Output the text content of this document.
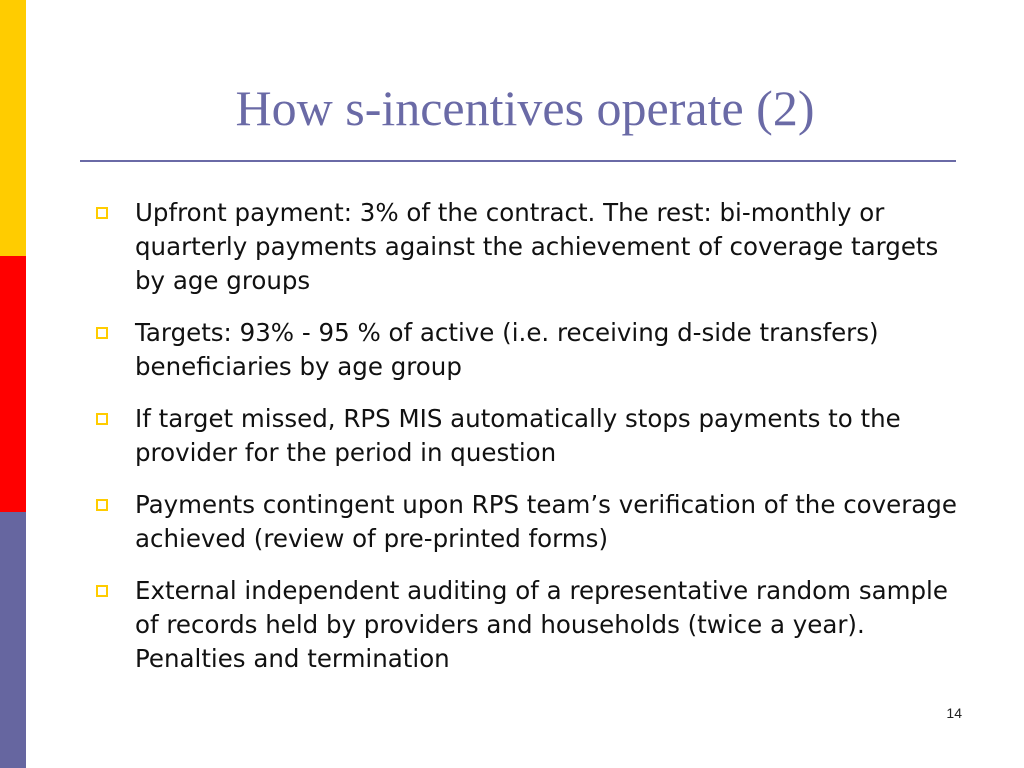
How s-incentives operate (2)
Upfront payment: 3% of the contract. The rest: bi-monthly or quarterly payments against the achievement of coverage targets by age groups
Targets: 93% - 95 % of active (i.e. receiving d-side transfers) beneficiaries by age group
If target missed, RPS MIS automatically stops payments to the provider for the period in question
Payments contingent upon RPS team’s verification of the coverage achieved (review of pre-printed forms)
External independent auditing of a representative random sample of records held by providers and households (twice a year). Penalties and termination
14
